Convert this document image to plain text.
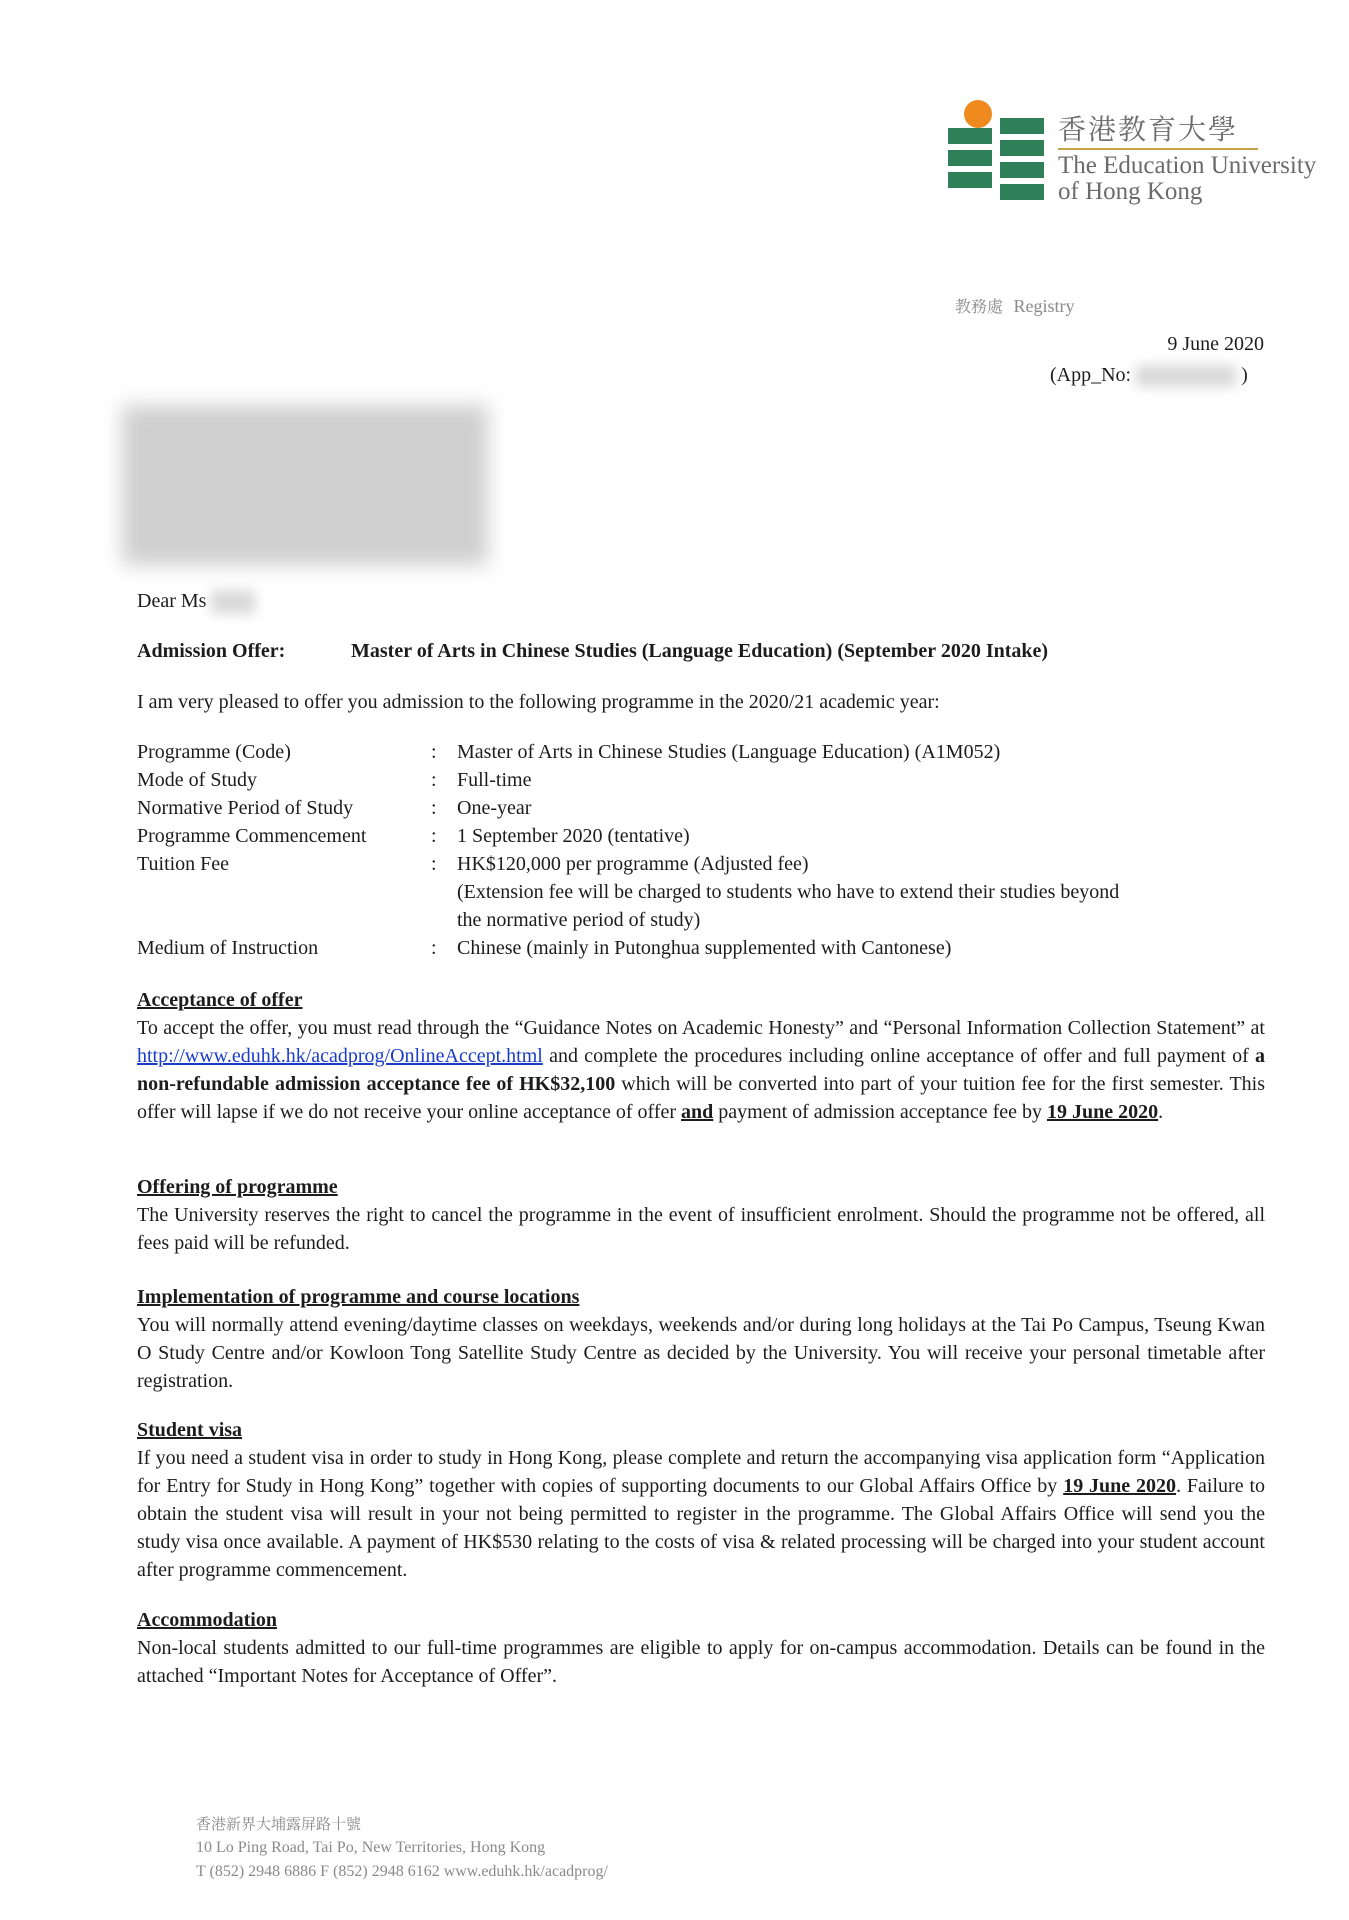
香港教育大學
The Education University
of Hong Kong
教務處 Registry
9 June 2020
(App_No:	)
Dear Ms
Admission Offer:	Master of Arts in Chinese Studies (Language Education) (September 2020 Intake)
I am very pleased to offer you admission to the following programme in the 2020/21 academic year:
Programme (Code)	: Master of Arts in Chinese Studies (Language Education) (A1M052)
Mode of Study	: Full-time
Normative Period of Study	: One-year
Programme Commencement	: 1 September 2020 (tentative)
Tuition Fee	: HK$120,000 per programme (Adjusted fee)
(Extension fee will be charged to students who have to extend their studies beyond
the normative period of study)
Medium of Instruction	: Chinese (mainly in Putonghua supplemented with Cantonese)
Acceptance of offer
To accept the offer, you must read through the “Guidance Notes on Academic Honesty” and “Personal Information Collection Statement” at http://www.eduhk.hk/acadprog/OnlineAccept.html and complete the procedures including online acceptance of offer and full payment of a non-refundable admission acceptance fee of HK$32,100 which will be converted into part of your tuition fee for the first semester. This offer will lapse if we do not receive your online acceptance of offer and payment of admission acceptance fee by 19 June 2020.
Offering of programme
The University reserves the right to cancel the programme in the event of insufficient enrolment. Should the programme not be offered, all fees paid will be refunded.
Implementation of programme and course locations
You will normally attend evening/daytime classes on weekdays, weekends and/or during long holidays at the Tai Po Campus, Tseung Kwan O Study Centre and/or Kowloon Tong Satellite Study Centre as decided by the University. You will receive your personal timetable after registration.
Student visa
If you need a student visa in order to study in Hong Kong, please complete and return the accompanying visa application form “Application for Entry for Study in Hong Kong” together with copies of supporting documents to our Global Affairs Office by 19 June 2020. Failure to obtain the student visa will result in your not being permitted to register in the programme. The Global Affairs Office will send you the study visa once available. A payment of HK$530 relating to the costs of visa & related processing will be charged into your student account after programme commencement.
Accommodation
Non-local students admitted to our full-time programmes are eligible to apply for on-campus accommodation. Details can be found in the attached “Important Notes for Acceptance of Offer”.
香港新界大埔露屏路十號
10 Lo Ping Road, Tai Po, New Territories, Hong Kong
T (852) 2948 6886 F (852) 2948 6162 www.eduhk.hk/acadprog/
